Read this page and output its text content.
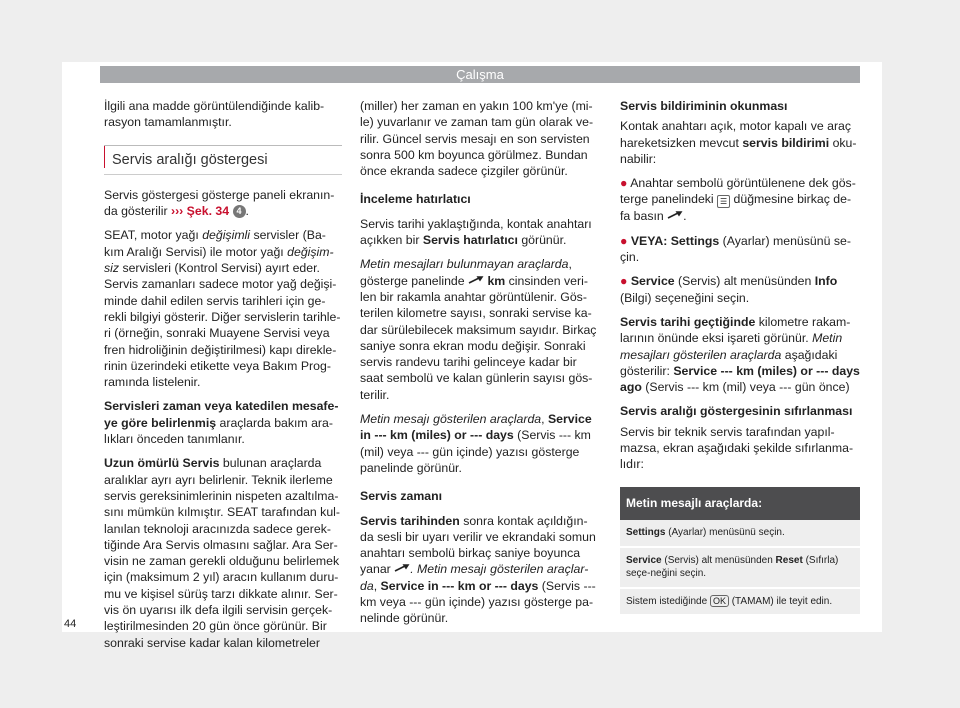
Çalışma

İlgili ana madde görüntülendiğinde kalib-rasyon tamamlanmıştır.

Servis aralığı göstergesi

Servis göstergesi gösterge paneli ekranın-da gösterilir ››› Şek. 34 4 .

SEAT, motor yağı değişimli servisler (Ba-kım Aralığı Servisi) ile motor yağı değişim-siz servisleri (Kontrol Servisi) ayırt eder. Servis zamanları sadece motor yağ değişi-minde dahil edilen servis tarihleri için ge-rekli bilgiyi gösterir. Diğer servislerin tarihle-ri (örneğin, sonraki Muayene Servisi veya fren hidroliğinin değiştirilmesi) kapı direkle-rinin üzerindeki etikette veya Bakım Prog-ramında listelenir.

Servisleri zaman veya katedilen mesafe-ye göre belirlenmiş araçlarda bakım ara-lıkları önceden tanımlanır.

Uzun ömürlü Servis bulunan araçlarda aralıklar ayrı ayrı belirlenir. Teknik ilerleme servis gereksinimlerinin nispeten azaltılma-sını mümkün kılmıştır. SEAT tarafından kul-lanılan teknoloji aracınızda sadece gerek-tiğinde Ara Servis olmasını sağlar. Ara Ser-visin ne zaman gerekli olduğunu belirlemek için (maksimum 2 yıl) aracın kullanım duru-mu ve kişisel sürüş tarzı dikkate alınır. Ser-vis ön uyarısı ilk defa ilgili servisin gerçek-leştirilmesinden 20 gün önce görünür. Bir sonraki servise kadar kalan kilometreler

(miller) her zaman en yakın 100 km'ye (mi-le) yuvarlanır ve zaman tam gün olarak ve-rilir. Güncel servis mesajı en son servisten sonra 500 km boyunca görülmez. Bundan önce ekranda sadece çizgiler görünür.

İnceleme hatırlatıcı

Servis tarihi yaklaştığında, kontak anahtarı açıkken bir Servis hatırlatıcı görünür.

Metin mesajları bulunmayan araçlarda, gösterge panelinde  km cinsinden veri-len bir rakamla anahtar görüntülenir. Gös-terilen kilometre sayısı, sonraki servise ka-dar sürülebilecek maksimum sayıdır. Birkaç saniye sonra ekran modu değişir. Sonraki servis randevu tarihi gelinceye kadar bir saat sembolü ve kalan günlerin sayısı gös-terilir.

Metin mesajı gösterilen araçlarda, Service in --- km (miles) or --- days (Servis --- km (mil) veya --- gün içinde) yazısı gösterge panelinde görünür.

Servis zamanı

Servis tarihinden sonra kontak açıldığın-da sesli bir uyarı verilir ve ekrandaki somun anahtarı sembolü birkaç saniye boyunca yanar . Metin mesajı gösterilen araçlar-da, Service in --- km or --- days (Servis --- km veya --- gün içinde) yazısı gösterge pa-nelinde görünür.

Servis bildiriminin okunması

Kontak anahtarı açık, motor kapalı ve araç hareketsizken mevcut servis bildirimi oku-nabilir:

● Anahtar sembolü görüntülenene dek gös-terge panelindeki ☰ düğmesine birkaç de-fa basın .

● VEYA: Settings (Ayarlar) menüsünü se-çin.

● Service (Servis) alt menüsünden Info (Bilgi) seçeneğini seçin.

Servis tarihi geçtiğinde kilometre rakam-larının önünde eksi işareti görünür. Metin mesajları gösterilen araçlarda aşağıdaki gösterilir: Service --- km (miles) or --- days ago (Servis --- km (mil) veya --- gün önce)

Servis aralığı göstergesinin sıfırlanması

Servis bir teknik servis tarafından yapıl-mazsa, ekran aşağıdaki şekilde sıfırlanma-lıdır:

Metin mesajlı araçlarda:
Settings (Ayarlar) menüsünü seçin.
Service (Servis) alt menüsünden Reset (Sıfırla) seçe-neğini seçin.
Sistem istediğinde OK (TAMAM) ile teyit edin.
44
